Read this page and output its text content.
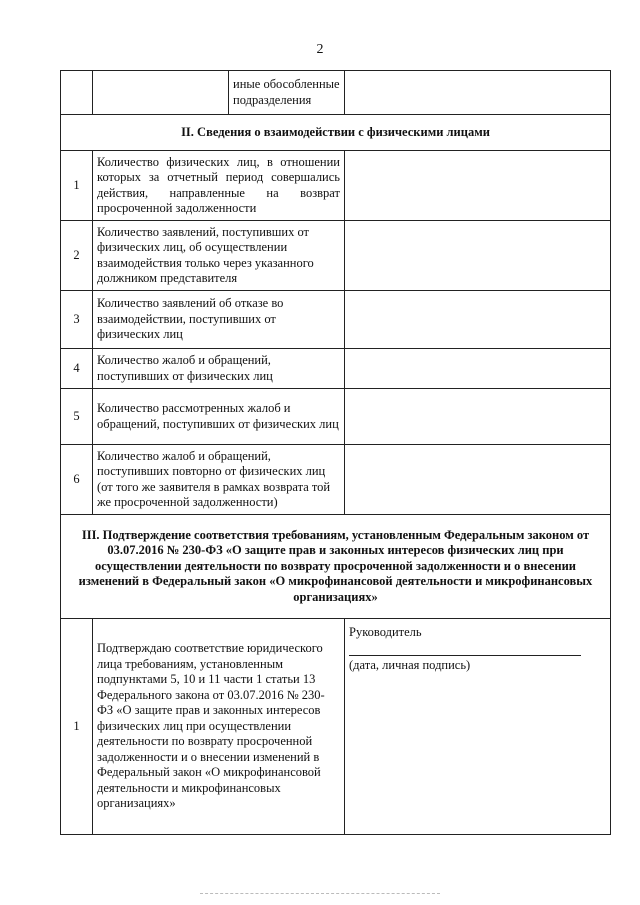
2
		иные обособленные подразделения	
II. Сведения о взаимодействии с физическими лицами			
1	Количество физических лиц, в отношении которых за отчетный период совершались действия, направленные на возврат просроченной задолженности		
2	Количество заявлений, поступивших от физических лиц, об осуществлении взаимодействия только через указанного должником представителя		
3	Количество заявлений об отказе во взаимодействии, поступивших от физических лиц		
4	Количество жалоб и обращений, поступивших от физических лиц		
5	Количество рассмотренных жалоб и обращений, поступивших от физических лиц		
6	Количество жалоб и обращений, поступивших повторно от физических лиц (от того же заявителя в рамках возврата той же просроченной задолженности)		
III. Подтверждение соответствия требованиям, установленным Федеральным законом от 03.07.2016 № 230-ФЗ «О защите прав и законных интересов физических лиц при осуществлении деятельности по возврату просроченной задолженности и о внесении изменений в Федеральный закон «О микрофинансовой деятельности и микрофинансовых организациях»			
1	Подтверждаю соответствие юридического лица требованиям, установленным подпунктами 5, 10 и 11 части 1 статьи 13 Федерального закона от 03.07.2016 № 230-ФЗ «О защите прав и законных интересов физических лиц при осуществлении деятельности по возврату просроченной задолженности и о внесении изменений в Федеральный закон «О микрофинансовой деятельности и микрофинансовых организациях»		Руководитель
(дата, личная подпись)
